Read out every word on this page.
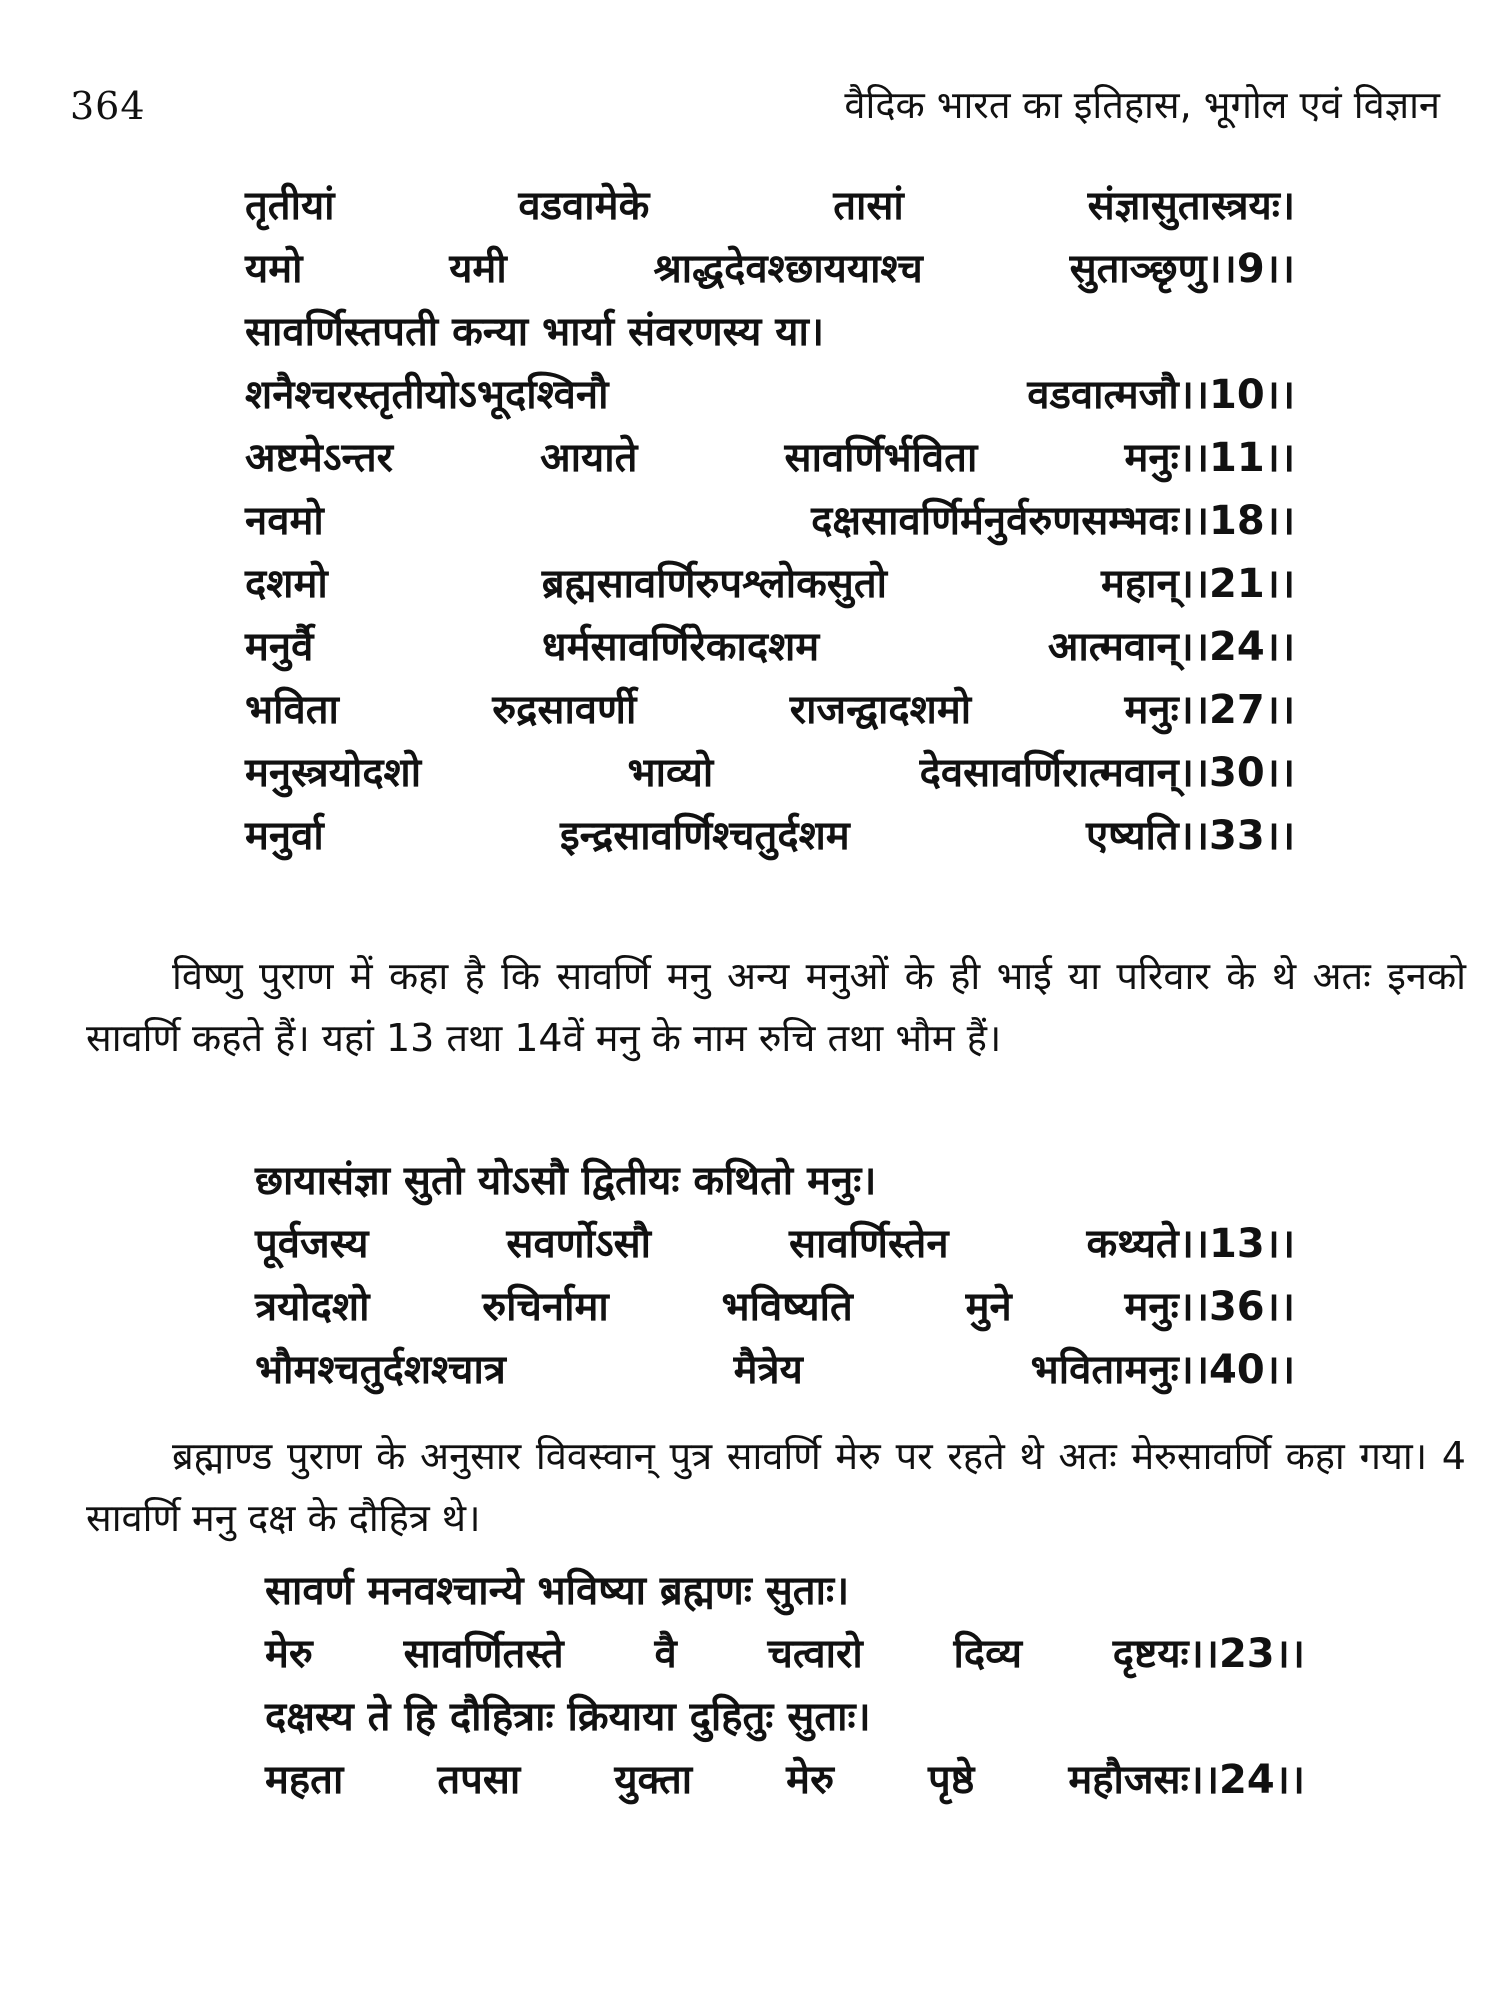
364	वैदिक भारत का इतिहास, भूगोल एवं विज्ञान
तृतीयां	वडवामेके	तासां	संज्ञासुतास्त्रयः।
यमो	यमी	श्राद्धदेवश्छाययाश्च	सुताञ्छृणु।।9।।
सावर्णिस्तपती कन्या भार्या संवरणस्य या।
शनैश्चरस्तृतीयोऽभूदश्विनौ	वडवात्मजौ।।10।।
अष्टमेऽन्तर	आयाते	सावर्णिर्भविता	मनुः।।11।।
नवमो	दक्षसावर्णिर्मनुर्वरुणसम्भवः।।18।।
दशमो	ब्रह्मसावर्णिरुपश्लोकसुतो	महान्।।21।।
मनुर्वै	धर्मसावर्णिरेकादशम	आत्मवान्।।24।।
भविता	रुद्रसावर्णी	राजन्द्वादशमो	मनुः।।27।।
मनुस्त्रयोदशो	भाव्यो	देवसावर्णिरात्मवान्।।30।।
मनुर्वा	इन्द्रसावर्णिश्चतुर्दशम	एष्यति।।33।।

विष्णु पुराण में कहा है कि सावर्णि मनु अन्य मनुओं के ही भाई या परिवार के थे अतः इनको सावर्णि कहते हैं। यहां 13 तथा 14वें मनु के नाम रुचि तथा भौम हैं।

छायासंज्ञा सुतो योऽसौ द्वितीयः कथितो मनुः।
पूर्वजस्य	सवर्णोऽसौ	सावर्णिस्तेन	कथ्यते।।13।।
त्रयोदशो	रुचिर्नामा	भविष्यति	मुने	मनुः।।36।।
भौमश्चतुर्दशश्चात्र	मैत्रेय	भवितामनुः।।40।।

ब्रह्माण्ड पुराण के अनुसार विवस्वान् पुत्र सावर्णि मेरु पर रहते थे अतः मेरुसावर्णि कहा गया। 4 सावर्णि मनु दक्ष के दौहित्र थे।

सावर्ण मनवश्चान्ये भविष्या ब्रह्मणः सुताः।
मेरु सावर्णितस्ते वै चत्वारो दिव्य दृष्टयः।।23।।
दक्षस्य ते हि दौहित्राः क्रियाया दुहितुः सुताः।
महता तपसा युक्ता मेरु पृष्ठे महौजसः।।24।।
